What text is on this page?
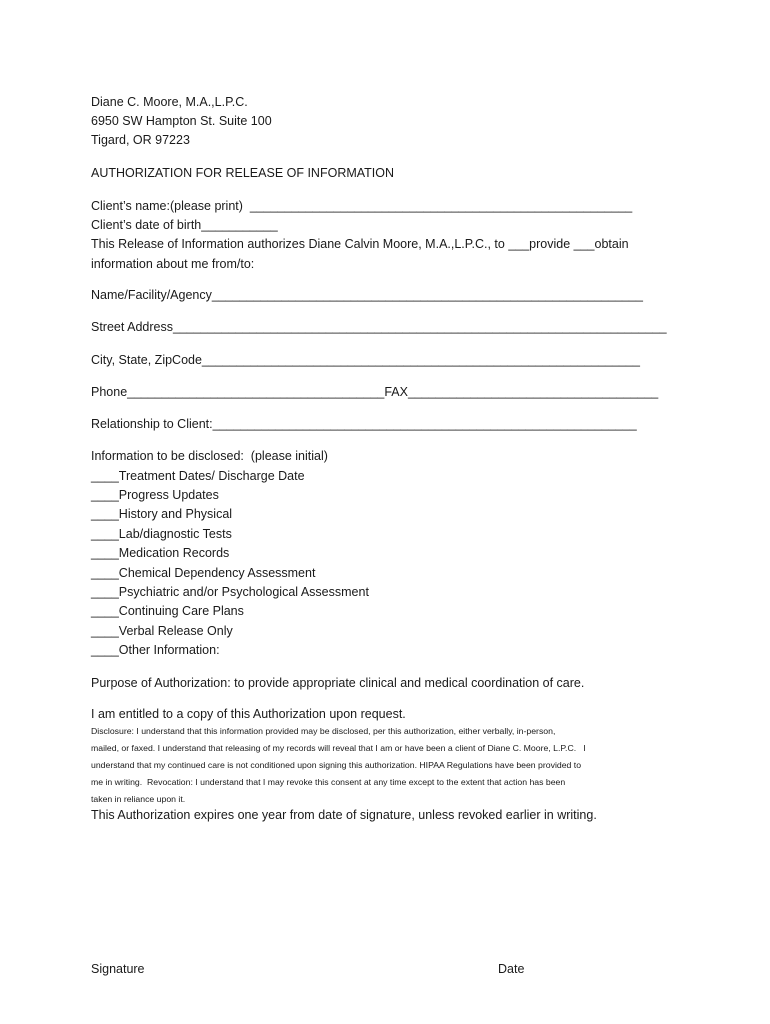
Diane C. Moore, M.A.,L.P.C.
6950 SW Hampton St. Suite 100
Tigard, OR 97223
AUTHORIZATION FOR RELEASE OF INFORMATION
Client’s name:(please print)  _______________________________________________________
Client’s date of birth___________
This Release of Information authorizes Diane Calvin Moore, M.A.,L.P.C., to ___provide ___obtain
information about me from/to:
Name/Facility/Agency______________________________________________________________
Street Address_______________________________________________________________________
City, State, ZipCode_______________________________________________________________
Phone_____________________________________FAX____________________________________
Relationship to Client:_____________________________________________________________
Information to be disclosed:  (please initial)
____Treatment Dates/ Discharge Date
____Progress Updates
____History and Physical
____Lab/diagnostic Tests
____Medication Records
____Chemical Dependency Assessment
____Psychiatric and/or Psychological Assessment
____Continuing Care Plans
____Verbal Release Only
____Other Information:
Purpose of Authorization: to provide appropriate clinical and medical coordination of care.
I am entitled to a copy of this Authorization upon request.
Disclosure: I understand that this information provided may be disclosed, per this authorization, either verbally, in-person,
mailed, or faxed. I understand that releasing of my records will reveal that I am or have been a client of Diane C. Moore, L.P.C.   I
understand that my continued care is not conditioned upon signing this authorization. HIPAA Regulations have been provided to
me in writing.  Revocation: I understand that I may revoke this consent at any time except to the extent that action has been
taken in reliance upon it.
This Authorization expires one year from date of signature, unless revoked earlier in writing.
Signature	Date
